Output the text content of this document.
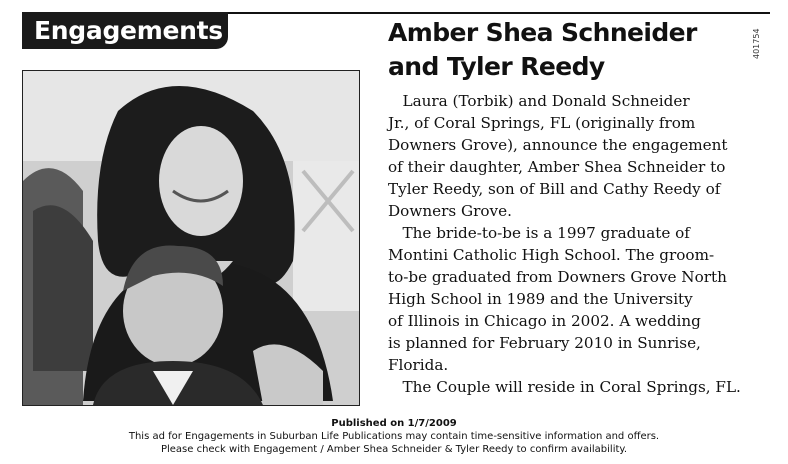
Engagements	401754
Amber Shea Schneider
and Tyler Reedy
Laura (Torbik) and Donald Schneider
Jr., of Coral Springs, FL (originally from
Downers Grove), announce the engagement
of their daughter, Amber Shea Schneider to
Tyler Reedy, son of Bill and Cathy Reedy of
Downers Grove.
The bride-to-be is a 1997 graduate of
Montini Catholic High School. The groom-
to-be graduated from Downers Grove North
High School in 1989 and the University
of Illinois in Chicago in 2002. A wedding
is planned for February 2010 in Sunrise,
Florida.
The Couple will reside in Coral Springs, FL.
Published on 1/7/2009
This ad for Engagements in Suburban Life Publications may contain time-sensitive information and offers.
Please check with Engagement / Amber Shea Schneider & Tyler Reedy to confirm availability.
